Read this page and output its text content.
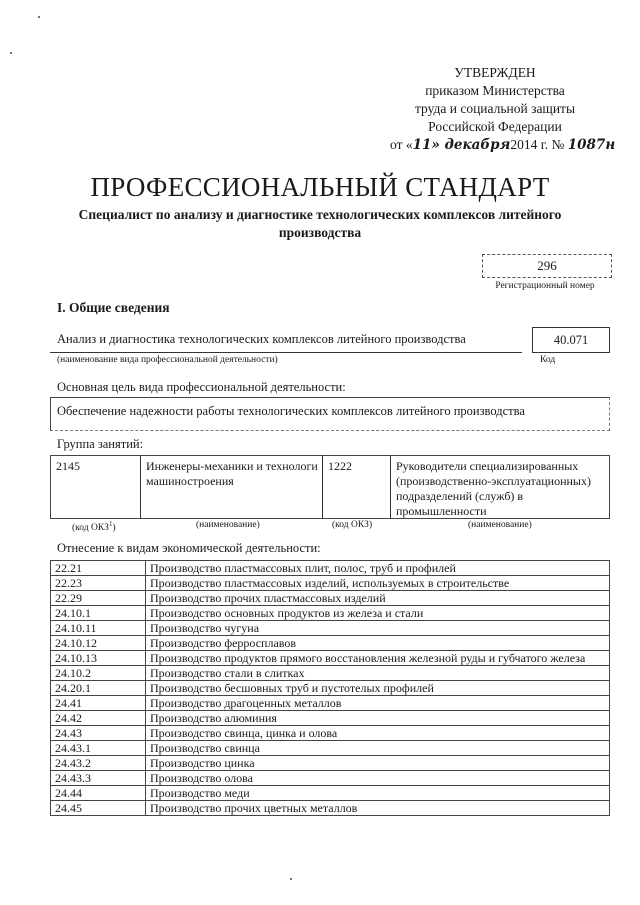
УТВЕРЖДЕН
приказом Министерства
труда и социальной защиты
Российской Федерации
от «11» декабря2014 г. № 1087н
ПРОФЕССИОНАЛЬНЫЙ СТАНДАРТ
Специалист по анализу и диагностике технологических комплексов литейного производства
296
Регистрационный номер
I. Общие сведения
Анализ и диагностика технологических комплексов литейного производства	40.071
(наименование вида профессиональной деятельности)	Код
Основная цель вида профессиональной деятельности:
Обеспечение надежности работы технологических комплексов литейного производства
Группа занятий:
2145	Инженеры-механики и технологи машиностроения
1222	Руководители специализированных (производственно-эксплуатационных) подразделений (служб) в промышленности
(код ОКЗ$^1$)	(наименование)	(код ОКЗ)	(наименование)
Отнесение к видам экономической деятельности:
22.21	Производство пластмассовых плит, полос, труб и профилей
22.23	Производство пластмассовых изделий, используемых в строительстве
22.29	Производство прочих пластмассовых изделий
24.10.1	Производство основных продуктов из железа и стали
24.10.11	Производство чугуна
24.10.12	Производство ферросплавов
24.10.13	Производство продуктов прямого восстановления железной руды и губчатого железа
24.10.2	Производство стали в слитках
24.20.1	Производство бесшовных труб и пустотелых профилей
24.41	Производство драгоценных металлов
24.42	Производство алюминия
24.43	Производство свинца, цинка и олова
24.43.1	Производство свинца
24.43.2	Производство цинка
24.43.3	Производство олова
24.44	Производство меди
24.45	Производство прочих цветных металлов
